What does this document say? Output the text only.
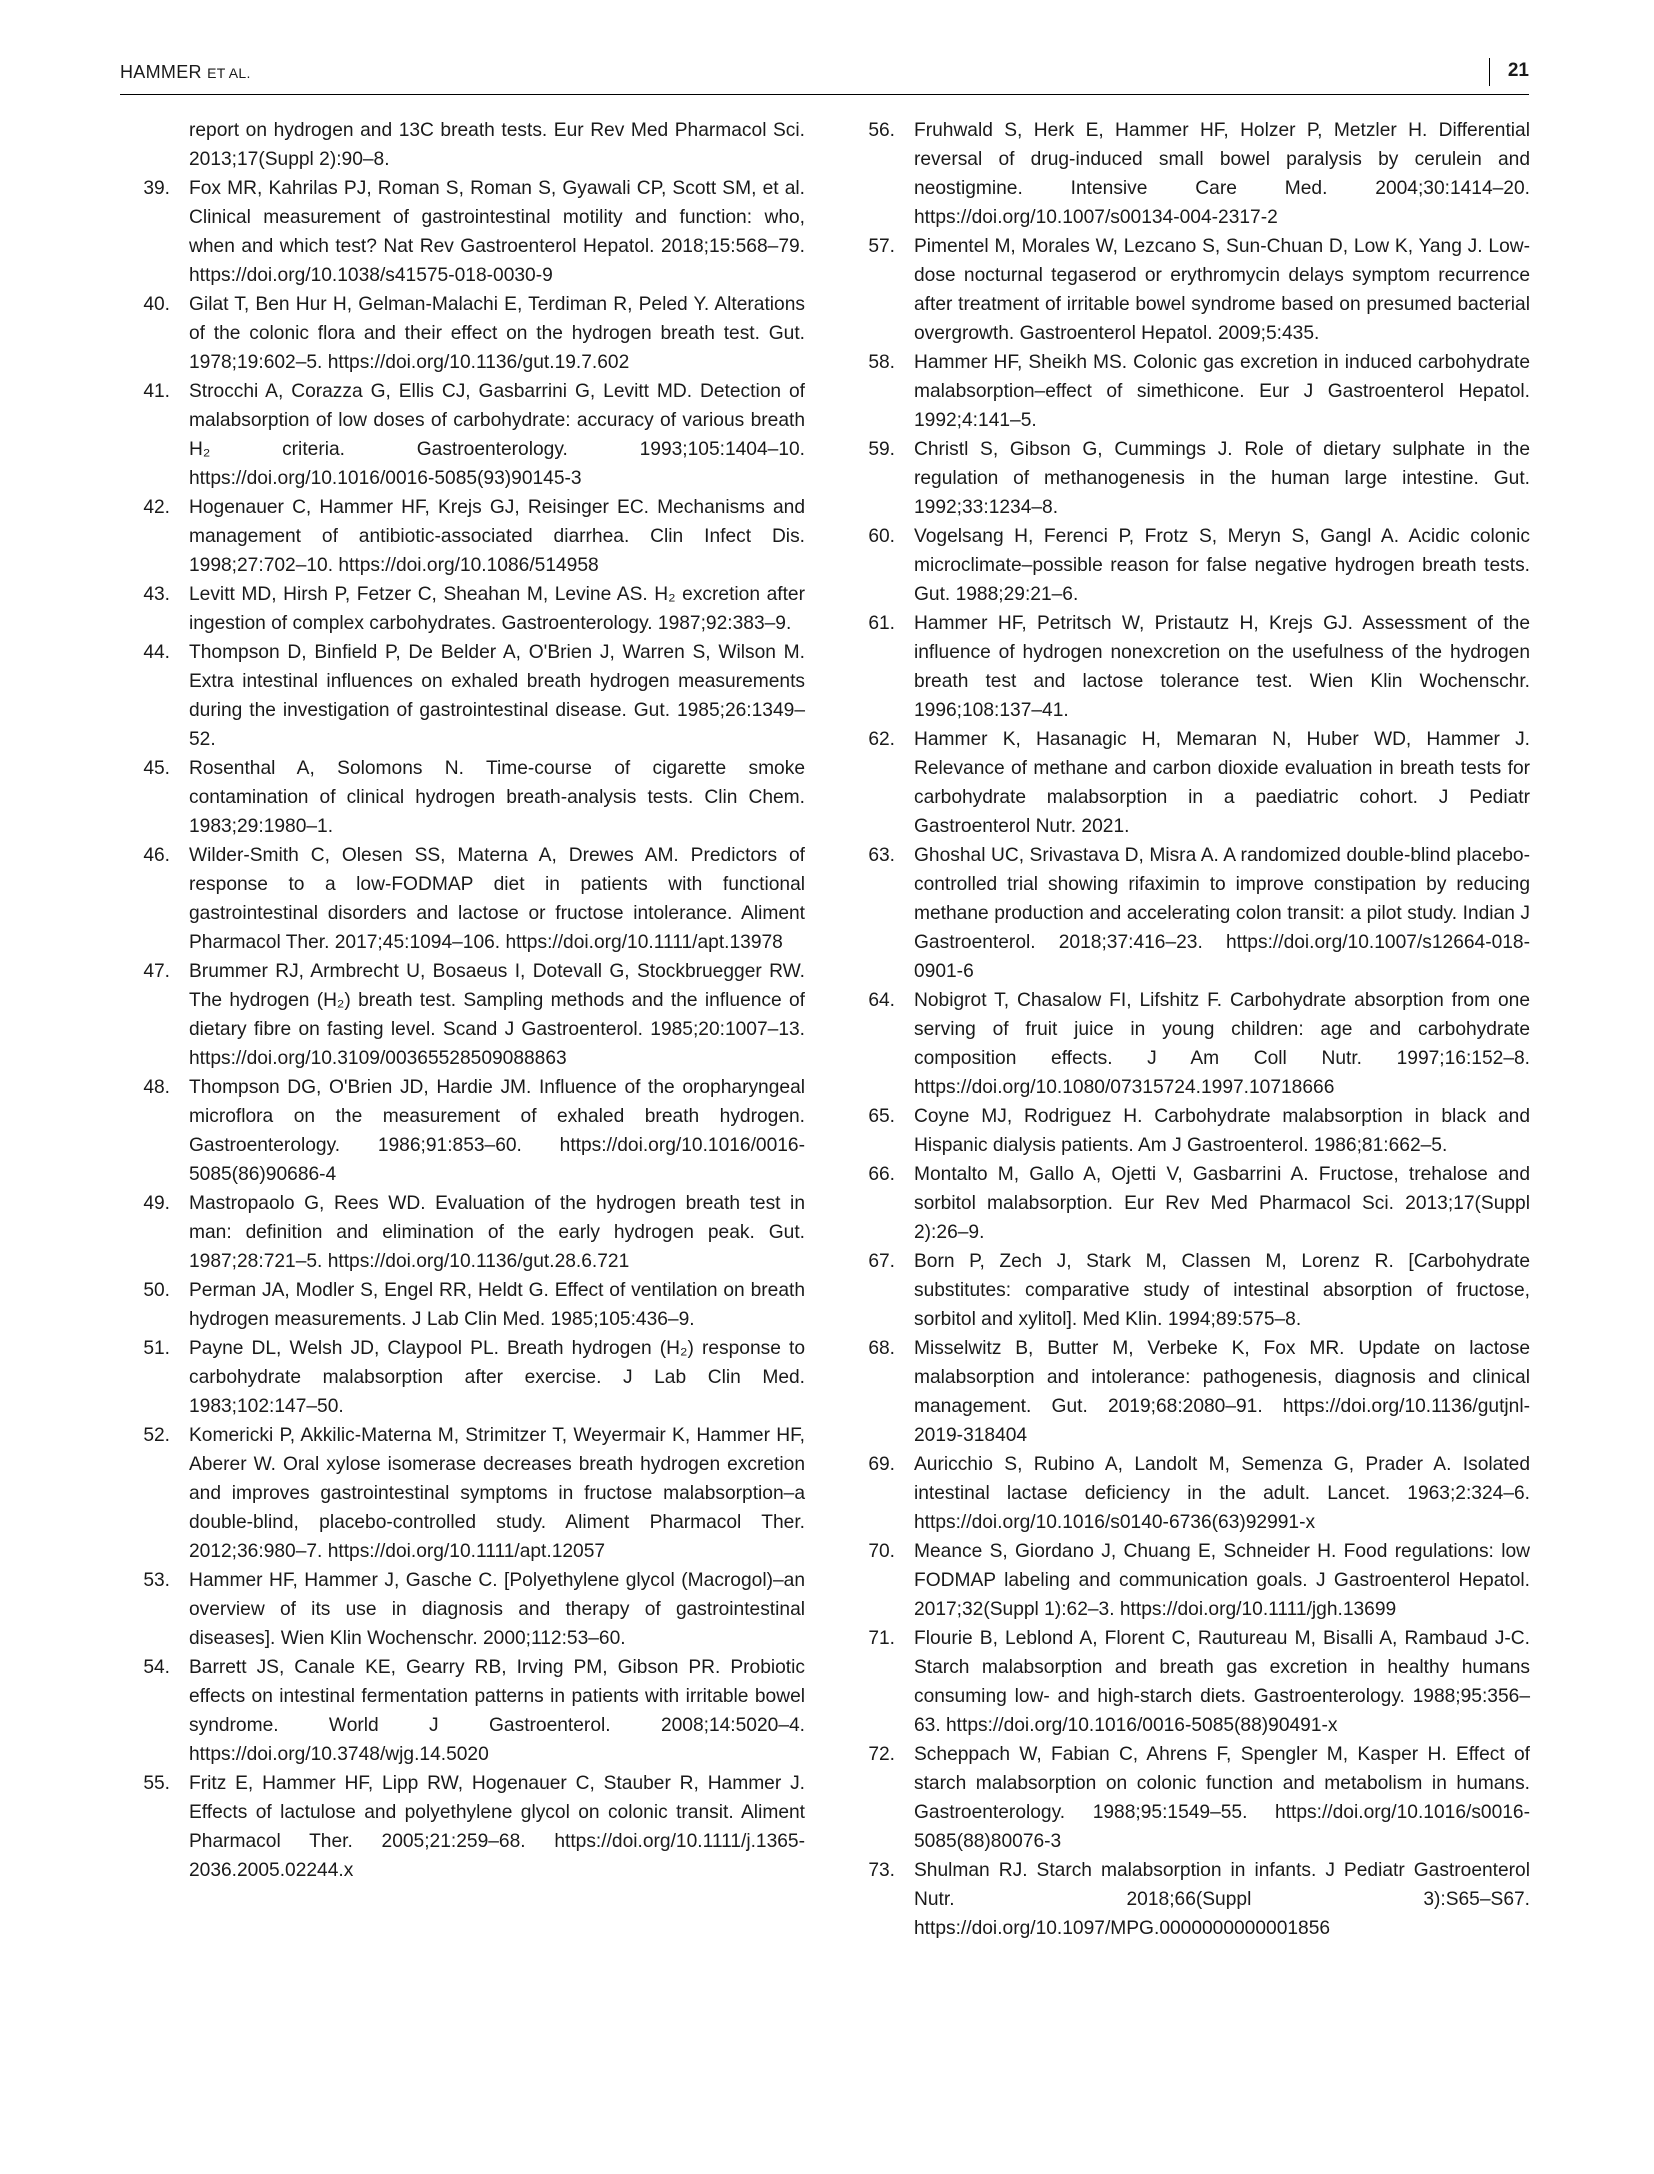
HAMMER ET AL.	21
report on hydrogen and 13C breath tests. Eur Rev Med Pharmacol Sci. 2013;17(Suppl 2):90–8.
39. Fox MR, Kahrilas PJ, Roman S, Roman S, Gyawali CP, Scott SM, et al. Clinical measurement of gastrointestinal motility and function: who, when and which test? Nat Rev Gastroenterol Hepatol. 2018;15:568–79. https://doi.org/10.1038/s41575-018-0030-9
40. Gilat T, Ben Hur H, Gelman-Malachi E, Terdiman R, Peled Y. Alterations of the colonic flora and their effect on the hydrogen breath test. Gut. 1978;19:602–5. https://doi.org/10.1136/gut.19.7.602
41. Strocchi A, Corazza G, Ellis CJ, Gasbarrini G, Levitt MD. Detection of malabsorption of low doses of carbohydrate: accuracy of various breath H₂ criteria. Gastroenterology. 1993;105:1404–10. https://doi.org/10.1016/0016-5085(93)90145-3
42. Hogenauer C, Hammer HF, Krejs GJ, Reisinger EC. Mechanisms and management of antibiotic-associated diarrhea. Clin Infect Dis. 1998;27:702–10. https://doi.org/10.1086/514958
43. Levitt MD, Hirsh P, Fetzer C, Sheahan M, Levine AS. H₂ excretion after ingestion of complex carbohydrates. Gastroenterology. 1987;92:383–9.
44. Thompson D, Binfield P, De Belder A, O'Brien J, Warren S, Wilson M. Extra intestinal influences on exhaled breath hydrogen measurements during the investigation of gastrointestinal disease. Gut. 1985;26:1349–52.
45. Rosenthal A, Solomons N. Time-course of cigarette smoke contamination of clinical hydrogen breath-analysis tests. Clin Chem. 1983;29:1980–1.
46. Wilder-Smith C, Olesen SS, Materna A, Drewes AM. Predictors of response to a low-FODMAP diet in patients with functional gastrointestinal disorders and lactose or fructose intolerance. Aliment Pharmacol Ther. 2017;45:1094–106. https://doi.org/10.1111/apt.13978
47. Brummer RJ, Armbrecht U, Bosaeus I, Dotevall G, Stockbruegger RW. The hydrogen (H₂) breath test. Sampling methods and the influence of dietary fibre on fasting level. Scand J Gastroenterol. 1985;20:1007–13. https://doi.org/10.3109/00365528509088863
48. Thompson DG, O'Brien JD, Hardie JM. Influence of the oropharyngeal microflora on the measurement of exhaled breath hydrogen. Gastroenterology. 1986;91:853–60. https://doi.org/10.1016/0016-5085(86)90686-4
49. Mastropaolo G, Rees WD. Evaluation of the hydrogen breath test in man: definition and elimination of the early hydrogen peak. Gut. 1987;28:721–5. https://doi.org/10.1136/gut.28.6.721
50. Perman JA, Modler S, Engel RR, Heldt G. Effect of ventilation on breath hydrogen measurements. J Lab Clin Med. 1985;105:436–9.
51. Payne DL, Welsh JD, Claypool PL. Breath hydrogen (H₂) response to carbohydrate malabsorption after exercise. J Lab Clin Med. 1983;102:147–50.
52. Komericki P, Akkilic-Materna M, Strimitzer T, Weyermair K, Hammer HF, Aberer W. Oral xylose isomerase decreases breath hydrogen excretion and improves gastrointestinal symptoms in fructose malabsorption–a double-blind, placebo-controlled study. Aliment Pharmacol Ther. 2012;36:980–7. https://doi.org/10.1111/apt.12057
53. Hammer HF, Hammer J, Gasche C. [Polyethylene glycol (Macrogol)–an overview of its use in diagnosis and therapy of gastrointestinal diseases]. Wien Klin Wochenschr. 2000;112:53–60.
54. Barrett JS, Canale KE, Gearry RB, Irving PM, Gibson PR. Probiotic effects on intestinal fermentation patterns in patients with irritable bowel syndrome. World J Gastroenterol. 2008;14:5020–4. https://doi.org/10.3748/wjg.14.5020
55. Fritz E, Hammer HF, Lipp RW, Hogenauer C, Stauber R, Hammer J. Effects of lactulose and polyethylene glycol on colonic transit. Aliment Pharmacol Ther. 2005;21:259–68. https://doi.org/10.1111/j.1365-2036.2005.02244.x
56. Fruhwald S, Herk E, Hammer HF, Holzer P, Metzler H. Differential reversal of drug-induced small bowel paralysis by cerulein and neostigmine. Intensive Care Med. 2004;30:1414–20. https://doi.org/10.1007/s00134-004-2317-2
57. Pimentel M, Morales W, Lezcano S, Sun-Chuan D, Low K, Yang J. Low-dose nocturnal tegaserod or erythromycin delays symptom recurrence after treatment of irritable bowel syndrome based on presumed bacterial overgrowth. Gastroenterol Hepatol. 2009;5:435.
58. Hammer HF, Sheikh MS. Colonic gas excretion in induced carbohydrate malabsorption–effect of simethicone. Eur J Gastroenterol Hepatol. 1992;4:141–5.
59. Christl S, Gibson G, Cummings J. Role of dietary sulphate in the regulation of methanogenesis in the human large intestine. Gut. 1992;33:1234–8.
60. Vogelsang H, Ferenci P, Frotz S, Meryn S, Gangl A. Acidic colonic microclimate–possible reason for false negative hydrogen breath tests. Gut. 1988;29:21–6.
61. Hammer HF, Petritsch W, Pristautz H, Krejs GJ. Assessment of the influence of hydrogen nonexcretion on the usefulness of the hydrogen breath test and lactose tolerance test. Wien Klin Wochenschr. 1996;108:137–41.
62. Hammer K, Hasanagic H, Memaran N, Huber WD, Hammer J. Relevance of methane and carbon dioxide evaluation in breath tests for carbohydrate malabsorption in a paediatric cohort. J Pediatr Gastroenterol Nutr. 2021.
63. Ghoshal UC, Srivastava D, Misra A. A randomized double-blind placebo-controlled trial showing rifaximin to improve constipation by reducing methane production and accelerating colon transit: a pilot study. Indian J Gastroenterol. 2018;37:416–23. https://doi.org/10.1007/s12664-018-0901-6
64. Nobigrot T, Chasalow FI, Lifshitz F. Carbohydrate absorption from one serving of fruit juice in young children: age and carbohydrate composition effects. J Am Coll Nutr. 1997;16:152–8. https://doi.org/10.1080/07315724.1997.10718666
65. Coyne MJ, Rodriguez H. Carbohydrate malabsorption in black and Hispanic dialysis patients. Am J Gastroenterol. 1986;81:662–5.
66. Montalto M, Gallo A, Ojetti V, Gasbarrini A. Fructose, trehalose and sorbitol malabsorption. Eur Rev Med Pharmacol Sci. 2013;17(Suppl 2):26–9.
67. Born P, Zech J, Stark M, Classen M, Lorenz R. [Carbohydrate substitutes: comparative study of intestinal absorption of fructose, sorbitol and xylitol]. Med Klin. 1994;89:575–8.
68. Misselwitz B, Butter M, Verbeke K, Fox MR. Update on lactose malabsorption and intolerance: pathogenesis, diagnosis and clinical management. Gut. 2019;68:2080–91. https://doi.org/10.1136/gutjnl-2019-318404
69. Auricchio S, Rubino A, Landolt M, Semenza G, Prader A. Isolated intestinal lactase deficiency in the adult. Lancet. 1963;2:324–6. https://doi.org/10.1016/s0140-6736(63)92991-x
70. Meance S, Giordano J, Chuang E, Schneider H. Food regulations: low FODMAP labeling and communication goals. J Gastroenterol Hepatol. 2017;32(Suppl 1):62–3. https://doi.org/10.1111/jgh.13699
71. Flourie B, Leblond A, Florent C, Rautureau M, Bisalli A, Rambaud J-C. Starch malabsorption and breath gas excretion in healthy humans consuming low- and high-starch diets. Gastroenterology. 1988;95:356–63. https://doi.org/10.1016/0016-5085(88)90491-x
72. Scheppach W, Fabian C, Ahrens F, Spengler M, Kasper H. Effect of starch malabsorption on colonic function and metabolism in humans. Gastroenterology. 1988;95:1549–55. https://doi.org/10.1016/s0016-5085(88)80076-3
73. Shulman RJ. Starch malabsorption in infants. J Pediatr Gastroenterol Nutr. 2018;66(Suppl 3):S65–S67. https://doi.org/10.1097/MPG.0000000000001856
